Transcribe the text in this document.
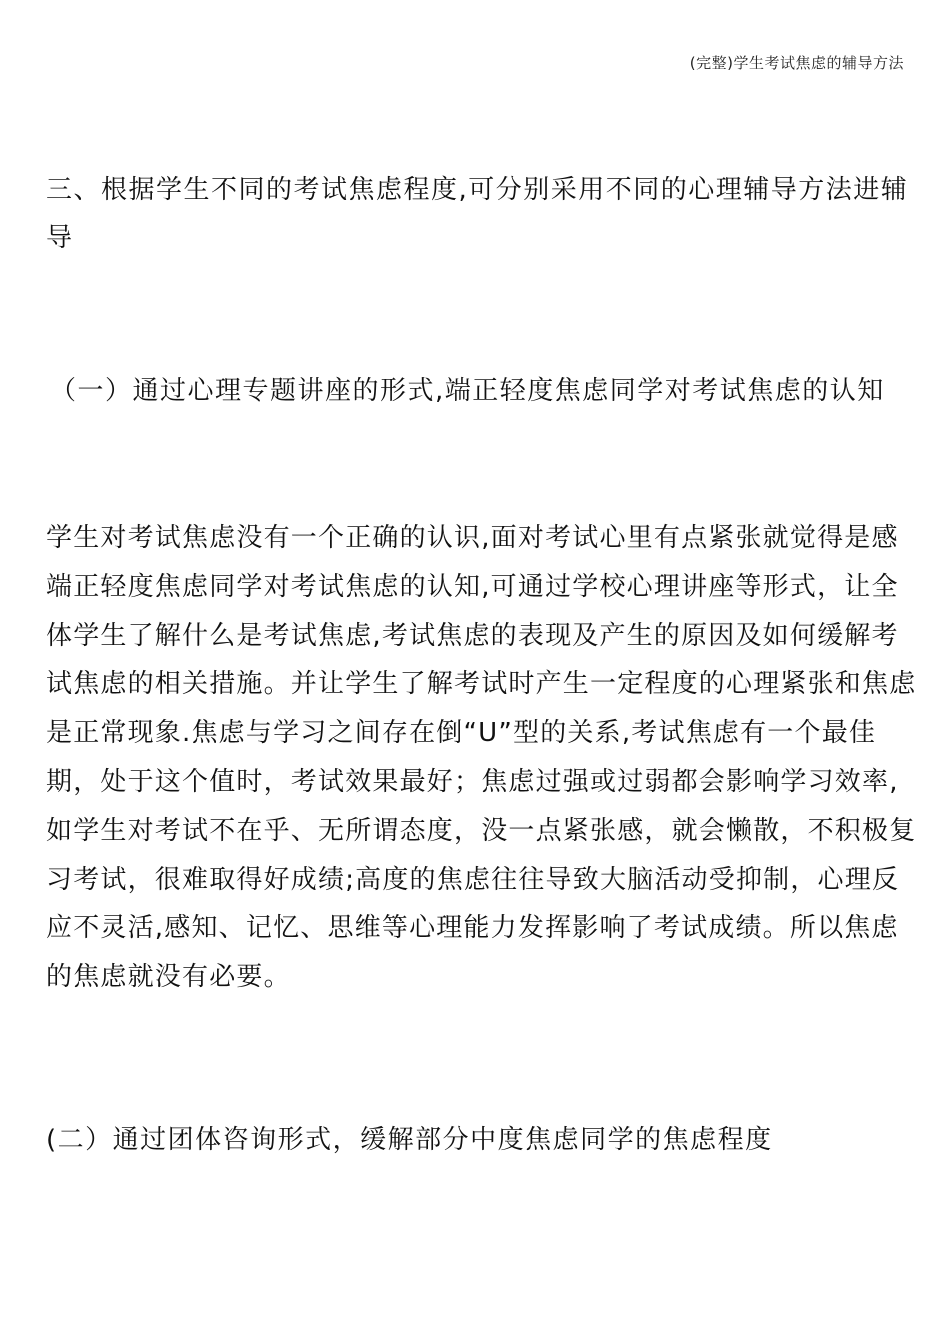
(完整)学生考试焦虑的辅导方法
三、根据学生不同的考试焦虑程度,可分别采用不同的心理辅导方法进辅导
（一）通过心理专题讲座的形式,端正轻度焦虑同学对考试焦虑的认知
学生对考试焦虑没有一个正确的认识,面对考试心里有点紧张就觉得是感
端正轻度焦虑同学对考试焦虑的认知,可通过学校心理讲座等形式，让全
体学生了解什么是考试焦虑,考试焦虑的表现及产生的原因及如何缓解考
试焦虑的相关措施。并让学生了解考试时产生一定程度的心理紧张和焦虑
是正常现象.焦虑与学习之间存在倒“U”型的关系,考试焦虑有一个最佳
期，处于这个值时，考试效果最好；焦虑过强或过弱都会影响学习效率,
如学生对考试不在乎、无所谓态度，没一点紧张感，就会懒散，不积极复
习考试，很难取得好成绩;高度的焦虑往往导致大脑活动受抑制，心理反
应不灵活,感知、记忆、思维等心理能力发挥影响了考试成绩。所以焦虑
的焦虑就没有必要。
(二）通过团体咨询形式，缓解部分中度焦虑同学的焦虑程度
